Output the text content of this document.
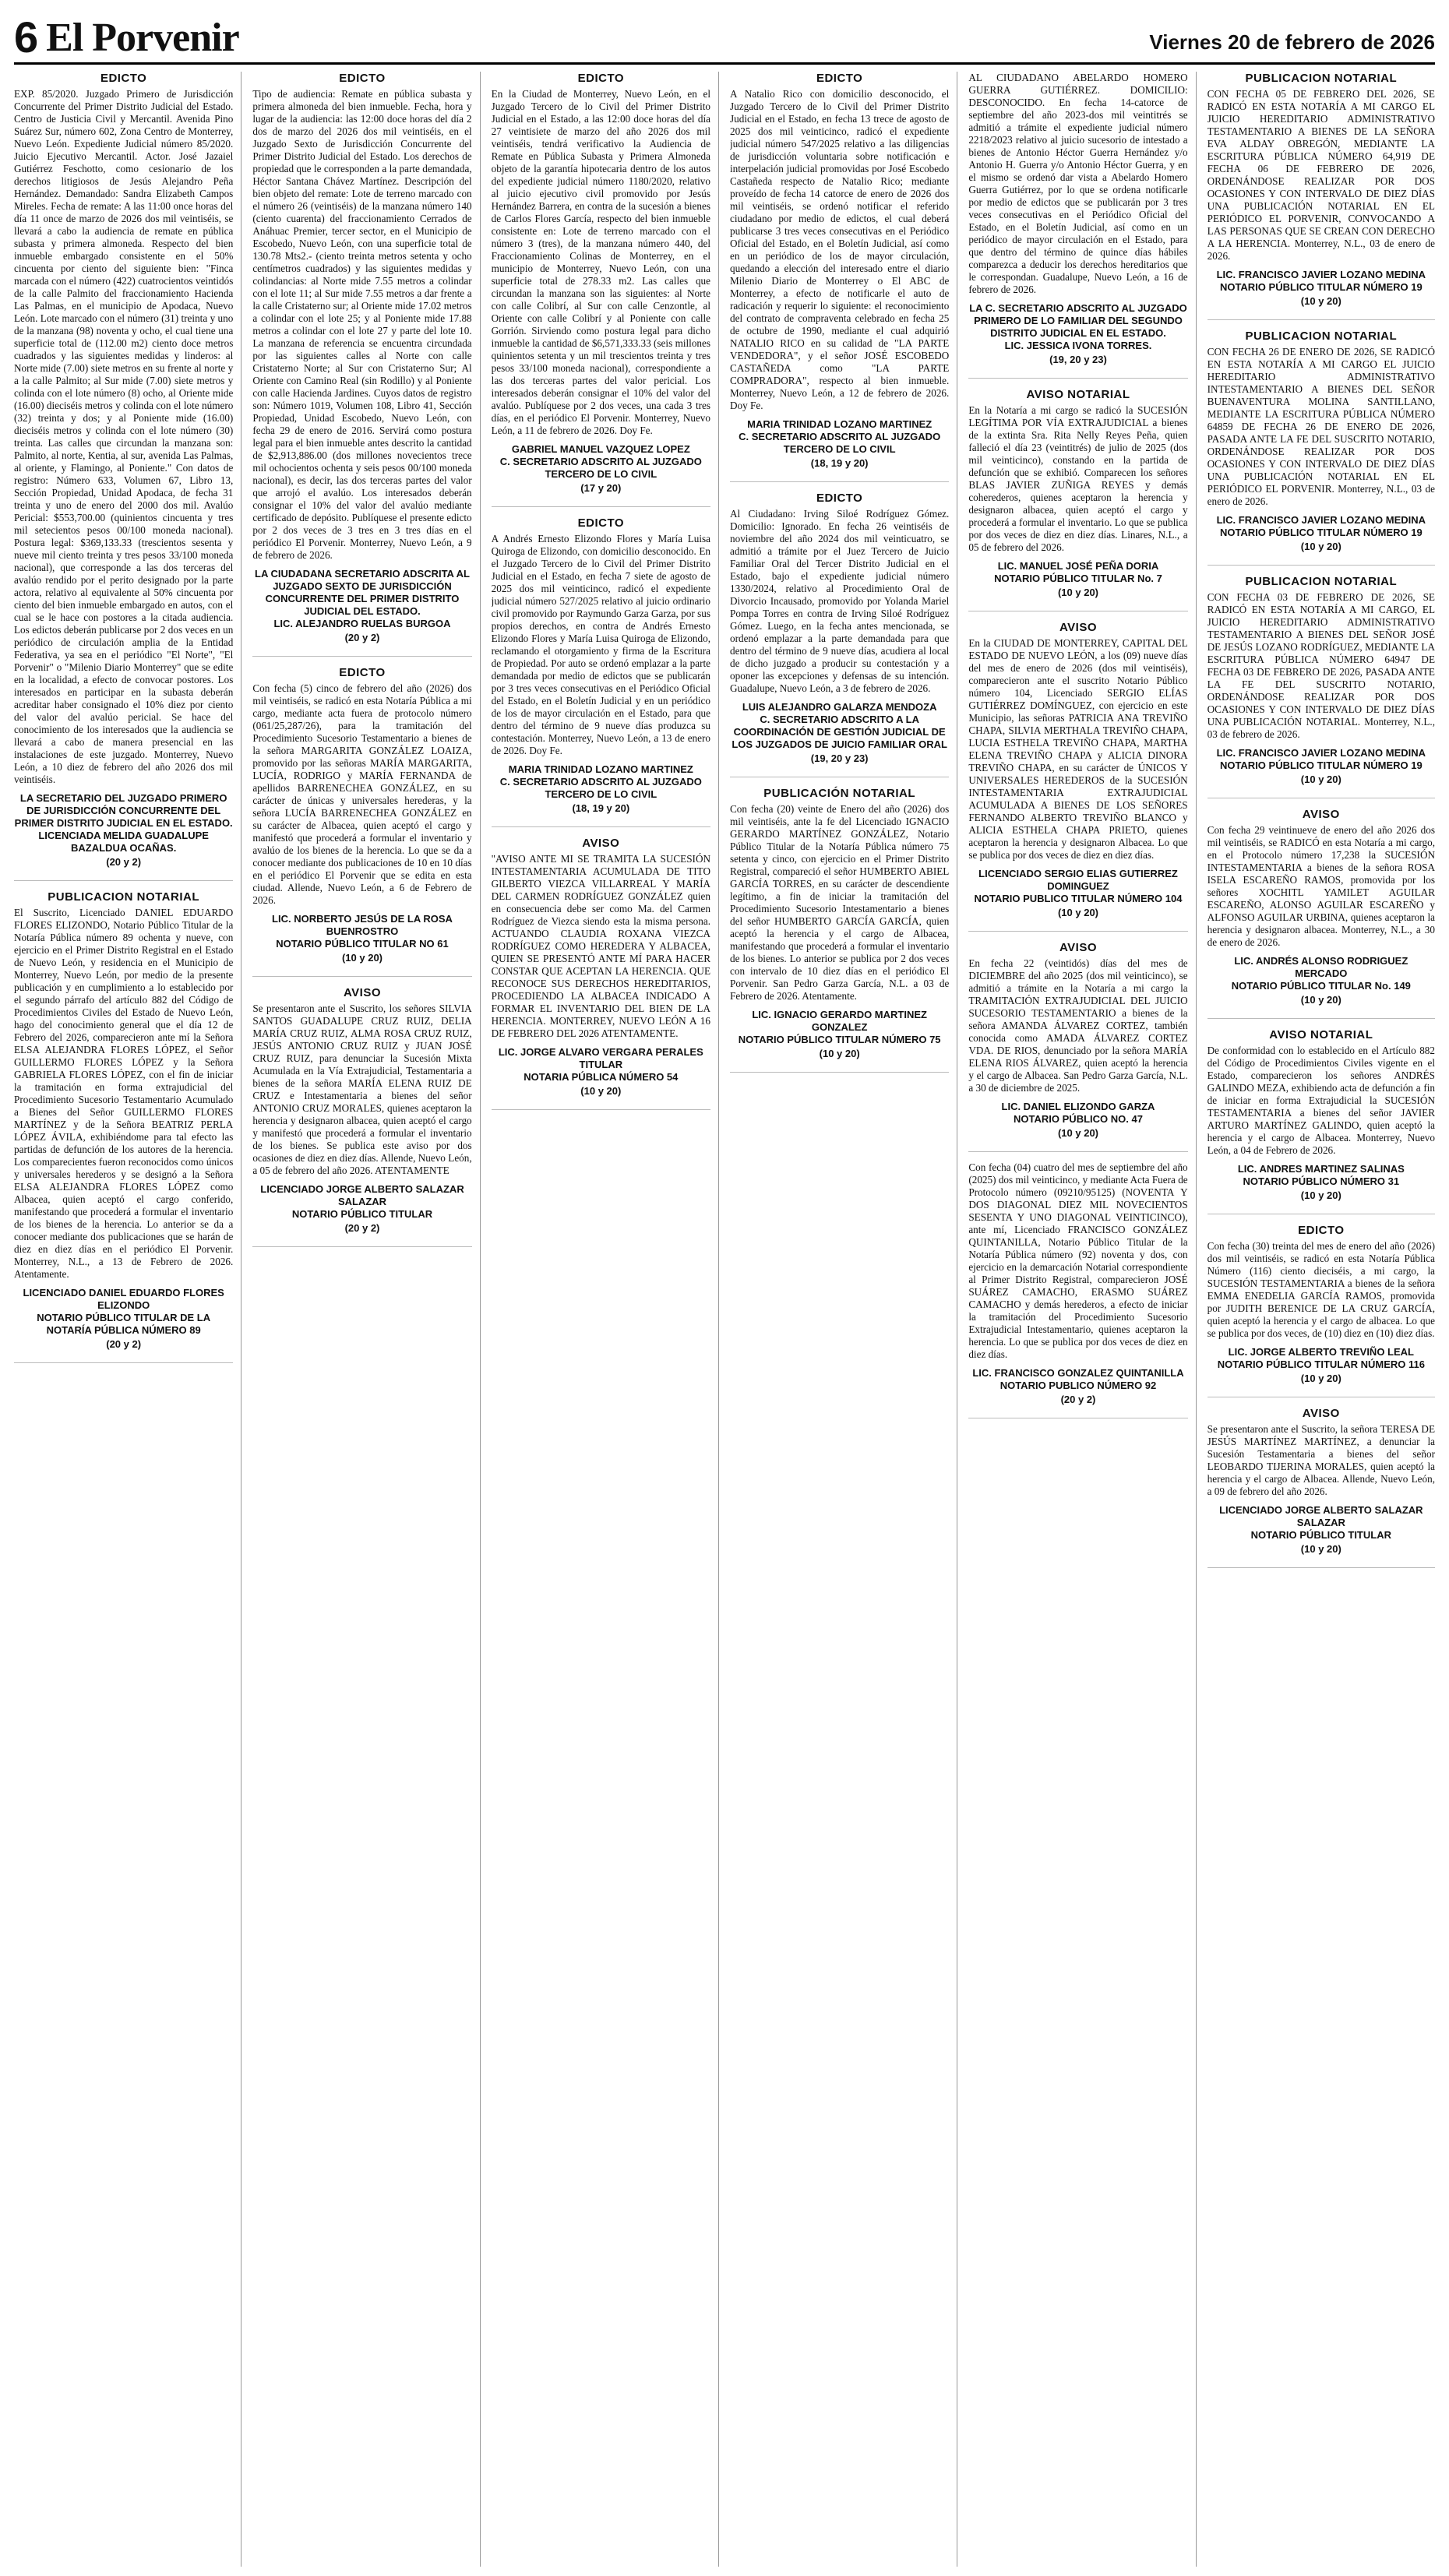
6 El Porvenir	Viernes 20 de febrero de 2026
EDICTO

EXP. 85/2020. Juzgado Primero de Jurisdicción Concurrente del Primer Distrito Judicial del Estado. Centro de Justicia Civil y Mercantil. Avenida Pino Suárez Sur, número 602, Zona Centro de Monterrey, Nuevo León. Expediente Judicial número 85/2020. Juicio Ejecutivo Mercantil. Actor. José Jazaiel Gutiérrez Feschotto, como cesionario de los derechos litigiosos de Jesús Alejandro Peña Hernández. Demandado: Sandra Elizabeth Campos Mireles. Fecha de remate: A las 11:00 once horas del día 11 once de marzo de 2026 dos mil veintiséis, se llevará a cabo la audiencia de remate en pública subasta y primera almoneda. Respecto del bien inmueble embargado consistente en el 50% cincuenta por ciento del siguiente bien: "Finca marcada con el número (422) cuatrocientos veintidós de la calle Palmito del fraccionamiento Hacienda Las Palmas, en el municipio de Apodaca, Nuevo León. Lote marcado con el número (31) treinta y uno de la manzana (98) noventa y ocho, el cual tiene una superficie total de (112.00 m2) ciento doce metros cuadrados y las siguientes medidas y linderos: al Norte mide (7.00) siete metros en su frente al norte y a la calle Palmito; al Sur mide (7.00) siete metros y colinda con el lote número (8) ocho, al Oriente mide (16.00) dieciséis metros y colinda con el lote número (32) treinta y dos; y al Poniente mide (16.00) dieciséis metros y colinda con el lote número (30) treinta. Las calles que circundan la manzana son: Palmito, al norte, Kentia, al sur, avenida Las Palmas, al oriente, y Flamingo, al Poniente." Con datos de registro: Número 633, Volumen 67, Libro 13, Sección Propiedad, Unidad Apodaca, de fecha 31 treinta y uno de enero del 2000 dos mil. Avalúo Pericial: $553,700.00 (quinientos cincuenta y tres mil setecientos pesos 00/100 moneda nacional). Postura legal: $369,133.33 (trescientos sesenta y nueve mil ciento treinta y tres pesos 33/100 moneda nacional), que corresponde a las dos terceras del avalúo rendido por el perito designado por la parte actora, relativo al equivalente al 50% cincuenta por ciento del bien inmueble embargado en autos, con el cual se le hace con postores a la citada audiencia. Los edictos deberán publicarse por 2 dos veces en un periódico de circulación amplia de la Entidad Federativa, ya sea en el periódico "El Norte", "El Porvenir" o "Milenio Diario Monterrey" que se edite en la localidad, a efecto de convocar postores. Los interesados en participar en la subasta deberán acreditar haber consignado el 10% diez por ciento del valor del avalúo pericial. Se hace del conocimiento de los interesados que la audiencia se llevará a cabo de manera presencial en las instalaciones de este juzgado. Monterrey, Nuevo León, a 10 diez de febrero del año 2026 dos mil veintiséis.

LA SECRETARIO DEL JUZGADO PRIMERO DE JURISDICCIÓN CONCURRENTE DEL PRIMER DISTRITO JUDICIAL EN EL ESTADO.
LICENCIADA MELIDA GUADALUPE BAZALDUA OCAÑAS.
(20 y 2)
PUBLICACION NOTARIAL

El Suscrito, Licenciado DANIEL EDUARDO FLORES ELIZONDO, Notario Público Titular de la Notaría Pública número 89 ochenta y nueve, con ejercicio en el Primer Distrito Registral en el Estado de Nuevo León, y residencia en el Municipio de Monterrey, Nuevo León, por medio de la presente publicación y en cumplimiento a lo establecido por el segundo párrafo del artículo 882 del Código de Procedimientos Civiles del Estado de Nuevo León, hago del conocimiento general que el día 12 de Febrero del 2026, comparecieron ante mí la Señora ELSA ALEJANDRA FLORES LÓPEZ, el Señor GUILLERMO FLORES LÓPEZ y la Señora GABRIELA FLORES LÓPEZ, con el fin de iniciar la tramitación en forma extrajudicial del Procedimiento Sucesorio Testamentario Acumulado a Bienes del Señor GUILLERMO FLORES MARTÍNEZ y de la Señora BEATRIZ PERLA LÓPEZ ÁVILA, exhibiéndome para tal efecto las partidas de defunción de los autores de la herencia. Los comparecientes fueron reconocidos como únicos y universales herederos y se designó a la Señora ELSA ALEJANDRA FLORES LÓPEZ como Albacea, quien aceptó el cargo conferido, manifestando que procederá a formular el inventario de los bienes de la herencia. Lo anterior se da a conocer mediante dos publicaciones que se harán de diez en diez días en el periódico El Porvenir. Monterrey, N.L., a 13 de Febrero de 2026. Atentamente.

LICENCIADO DANIEL EDUARDO FLORES ELIZONDO
NOTARIO PÚBLICO TITULAR DE LA NOTARÍA PÚBLICA NÚMERO 89
(20 y 2)
EDICTO

Tipo de audiencia: Remate en pública subasta y primera almoneda del bien inmueble. Fecha, hora y lugar de la audiencia: las 12:00 doce horas del día 2 dos de marzo del 2026 dos mil veintiséis, en el Juzgado Sexto de Jurisdicción Concurrente del Primer Distrito Judicial del Estado. Los derechos de propiedad que le corresponden a la parte demandada, Héctor Santana Chávez Martínez. Descripción del bien objeto del remate: Lote de terreno marcado con el número 26 (veintiséis) de la manzana número 140 (ciento cuarenta) del fraccionamiento Cerrados de Anáhuac Premier, tercer sector, en el Municipio de Escobedo, Nuevo León, con una superficie total de 130.78 Mts2.- (ciento treinta metros setenta y ocho centímetros cuadrados) y las siguientes medidas y colindancias: al Norte mide 7.55 metros a colindar con el lote 11; al Sur mide 7.55 metros a dar frente a la calle Cristaterno sur; al Oriente mide 17.02 metros a colindar con el lote 25; y al Poniente mide 17.88 metros a colindar con el lote 27 y parte del lote 10. La manzana de referencia se encuentra circundada por las siguientes calles al Norte con calle Cristaterno Norte; al Sur con Cristaterno Sur; Al Oriente con Camino Real (sin Rodillo) y al Poniente con calle Hacienda Jardines. Cuyos datos de registro son: Número 1019, Volumen 108, Libro 41, Sección Propiedad, Unidad Escobedo, Nuevo León, con fecha 29 de enero de 2016. Servirá como postura legal para el bien inmueble antes descrito la cantidad de $2,913,886.00 (dos millones novecientos trece mil ochocientos ochenta y seis pesos 00/100 moneda nacional), es decir, las dos terceras partes del valor que arrojó el avalúo. Los interesados deberán consignar el 10% del valor del avalúo mediante certificado de depósito. Publíquese el presente edicto por 2 dos veces de 3 tres en 3 tres días en el periódico El Porvenir. Monterrey, Nuevo León, a 9 de febrero de 2026.

LA CIUDADANA SECRETARIO ADSCRITA AL JUZGADO SEXTO DE JURISDICCIÓN CONCURRENTE DEL PRIMER DISTRITO JUDICIAL DEL ESTADO.
LIC. ALEJANDRO RUELAS BURGOA
(20 y 2)
EDICTO

Con fecha (5) cinco de febrero del año (2026) dos mil veintiséis, se radicó en esta Notaría Pública a mi cargo, mediante acta fuera de protocolo número (061/25,287/26), para la tramitación del Procedimiento Sucesorio Testamentario a bienes de la señora MARGARITA GONZÁLEZ LOAIZA, promovido por las señoras MARÍA MARGARITA, LUCÍA, RODRIGO y MARÍA FERNANDA de apellidos BARRENECHEA GONZÁLEZ, en su carácter de únicas y universales herederas, y la señora LUCÍA BARRENECHEA GONZÁLEZ en su carácter de Albacea, quien aceptó el cargo y manifestó que procederá a formular el inventario y avalúo de los bienes de la herencia. Lo que se da a conocer mediante dos publicaciones de 10 en 10 días en el periódico El Porvenir que se edita en esta ciudad. Allende, Nuevo León, a 6 de Febrero de 2026.

LIC. NORBERTO JESÚS DE LA ROSA BUENROSTRO
NOTARIO PÚBLICO TITULAR NO 61
(10 y 20)
AVISO

Se presentaron ante el Suscrito, los señores SILVIA SANTOS GUADALUPE CRUZ RUIZ, DELIA MARÍA CRUZ RUIZ, ALMA ROSA CRUZ RUIZ, JESÚS ANTONIO CRUZ RUIZ y JUAN JOSÉ CRUZ RUIZ, para denunciar la Sucesión Mixta Acumulada en la Vía Extrajudicial, Testamentaria a bienes de la señora MARÍA ELENA RUIZ DE CRUZ e Intestamentaria a bienes del señor ANTONIO CRUZ MORALES, quienes aceptaron la herencia y designaron albacea, quien aceptó el cargo y manifestó que procederá a formular el inventario de los bienes. Se publica este aviso por dos ocasiones de diez en diez días. Allende, Nuevo León, a 05 de febrero del año 2026. ATENTAMENTE

LICENCIADO JORGE ALBERTO SALAZAR SALAZAR
NOTARIO PÚBLICO TITULAR
(20 y 2)
EDICTO

En la Ciudad de Monterrey, Nuevo León, en el Juzgado Tercero de lo Civil del Primer Distrito Judicial en el Estado, a las 12:00 doce horas del día 27 veintisiete de marzo del año 2026 dos mil veintiséis, tendrá verificativo la Audiencia de Remate en Pública Subasta y Primera Almoneda objeto de la garantía hipotecaria dentro de los autos del expediente judicial número 1180/2020, relativo al juicio ejecutivo civil promovido por Jesús Hernández Barrera, en contra de la sucesión a bienes de Carlos Flores García, respecto del bien inmueble consistente en: Lote de terreno marcado con el número 3 (tres), de la manzana número 440, del Fraccionamiento Colinas de Monterrey, en el municipio de Monterrey, Nuevo León, con una superficie total de 278.33 m2. Las calles que circundan la manzana son las siguientes: al Norte con calle Colibrí, al Sur con calle Cenzontle, al Oriente con calle Colibrí y al Poniente con calle Gorrión. Sirviendo como postura legal para dicho inmueble la cantidad de $6,571,333.33 (seis millones quinientos setenta y un mil trescientos treinta y tres pesos 33/100 moneda nacional), correspondiente a las dos terceras partes del valor pericial. Los interesados deberán consignar el 10% del valor del avalúo. Publíquese por 2 dos veces, una cada 3 tres días, en el periódico El Porvenir. Monterrey, Nuevo León, a 11 de febrero de 2026. Doy Fe.

GABRIEL MANUEL VAZQUEZ LOPEZ
C. SECRETARIO ADSCRITO AL JUZGADO TERCERO DE LO CIVIL
(17 y 20)
EDICTO

A Andrés Ernesto Elizondo Flores y María Luisa Quiroga de Elizondo, con domicilio desconocido. En el Juzgado Tercero de lo Civil del Primer Distrito Judicial en el Estado, en fecha 7 siete de agosto de 2025 dos mil veinticinco, radicó el expediente judicial número 527/2025 relativo al juicio ordinario civil promovido por Raymundo Garza Garza, por sus propios derechos, en contra de Andrés Ernesto Elizondo Flores y María Luisa Quiroga de Elizondo, reclamando el otorgamiento y firma de la Escritura de Propiedad. Por auto se ordenó emplazar a la parte demandada por medio de edictos que se publicarán por 3 tres veces consecutivas en el Periódico Oficial del Estado, en el Boletín Judicial y en un periódico de los de mayor circulación en el Estado, para que dentro del término de 9 nueve días produzca su contestación. Monterrey, Nuevo León, a 13 de enero de 2026. Doy Fe.

MARIA TRINIDAD LOZANO MARTINEZ
C. SECRETARIO ADSCRITO AL JUZGADO TERCERO DE LO CIVIL
(18, 19 y 20)
AVISO

"AVISO ANTE MI SE TRAMITA LA SUCESIÓN INTESTAMENTARIA ACUMULADA DE TITO GILBERTO VIEZCA VILLARREAL Y MARÍA DEL CARMEN RODRÍGUEZ GONZÁLEZ quien en consecuencia debe ser como Ma. del Carmen Rodríguez de Viezca siendo esta la misma persona. ACTUANDO CLAUDIA ROXANA VIEZCA RODRÍGUEZ COMO HEREDERA Y ALBACEA, QUIEN SE PRESENTÓ ANTE MÍ PARA HACER CONSTAR QUE ACEPTAN LA HERENCIA. QUE RECONOCE SUS DERECHOS HEREDITARIOS, PROCEDIENDO LA ALBACEA INDICADO A FORMAR EL INVENTARIO DEL BIEN DE LA HERENCIA. MONTERREY, NUEVO LEÓN A 16 DE FEBRERO DEL 2026 ATENTAMENTE.

LIC. JORGE ALVARO VERGARA PERALES TITULAR
NOTARIA PÚBLICA NÚMERO 54
(10 y 20)
EDICTO

A Natalio Rico con domicilio desconocido, el Juzgado Tercero de lo Civil del Primer Distrito Judicial en el Estado, en fecha 13 trece de agosto de 2025 dos mil veinticinco, radicó el expediente judicial número 547/2025 relativo a las diligencias de jurisdicción voluntaria sobre notificación e interpelación judicial promovidas por José Escobedo Castañeda respecto de Natalio Rico; mediante proveído de fecha 14 catorce de enero de 2026 dos mil veintiséis, se ordenó notificar el referido ciudadano por medio de edictos, el cual deberá publicarse 3 tres veces consecutivas en el Periódico Oficial del Estado, en el Boletín Judicial, así como en un periódico de los de mayor circulación, quedando a elección del interesado entre el diario Milenio Diario de Monterrey o El ABC de Monterrey, a efecto de notificarle el auto de radicación y requerir lo siguiente: el reconocimiento del contrato de compraventa celebrado en fecha 25 de octubre de 1990, mediante el cual adquirió NATALIO RICO en su calidad de "LA PARTE VENDEDORA", y el señor JOSÉ ESCOBEDO CASTAÑEDA como "LA PARTE COMPRADORA", respecto al bien inmueble. Monterrey, Nuevo León, a 12 de febrero de 2026. Doy Fe.

MARIA TRINIDAD LOZANO MARTINEZ
C. SECRETARIO ADSCRITO AL JUZGADO TERCERO DE LO CIVIL
(18, 19 y 20)
EDICTO

Al Ciudadano: Irving Siloé Rodríguez Gómez. Domicilio: Ignorado. En fecha 26 veintiséis de noviembre del año 2024 dos mil veinticuatro, se admitió a trámite por el Juez Tercero de Juicio Familiar Oral del Tercer Distrito Judicial en el Estado, bajo el expediente judicial número 1330/2024, relativo al Procedimiento Oral de Divorcio Incausado, promovido por Yolanda Mariel Pompa Torres en contra de Irving Siloé Rodríguez Gómez. Luego, en la fecha antes mencionada, se ordenó emplazar a la parte demandada para que dentro del término de 9 nueve días, acudiera al local de dicho juzgado a producir su contestación y a oponer las excepciones y defensas de su intención. Guadalupe, Nuevo León, a 3 de febrero de 2026.

LUIS ALEJANDRO GALARZA MENDOZA
C. SECRETARIO ADSCRITO A LA COORDINACIÓN DE GESTIÓN JUDICIAL DE LOS JUZGADOS DE JUICIO FAMILIAR ORAL
(19, 20 y 23)
PUBLICACIÓN NOTARIAL

Con fecha (20) veinte de Enero del año (2026) dos mil veintiséis, ante la fe del Licenciado IGNACIO GERARDO MARTÍNEZ GONZÁLEZ, Notario Público Titular de la Notaría Pública número 75 setenta y cinco, con ejercicio en el Primer Distrito Registral, compareció el señor HUMBERTO ABIEL GARCÍA TORRES, en su carácter de descendiente legítimo, a fin de iniciar la tramitación del Procedimiento Sucesorio Intestamentario a bienes del señor HUMBERTO GARCÍA GARCÍA, quien aceptó la herencia y el cargo de Albacea, manifestando que procederá a formular el inventario de los bienes. Lo anterior se publica por 2 dos veces con intervalo de 10 diez días en el periódico El Porvenir. San Pedro Garza García, N.L. a 03 de Febrero de 2026. Atentamente.

LIC. IGNACIO GERARDO MARTINEZ GONZALEZ
NOTARIO PÚBLICO TITULAR NÚMERO 75
(10 y 20)

AL CIUDADANO ABELARDO HOMERO GUERRA GUTIÉRREZ. DOMICILIO: DESCONOCIDO. En fecha 14-catorce de septiembre del año 2023-dos mil veintitrés se admitió a trámite el expediente judicial número 2218/2023 relativo al juicio sucesorio de intestado a bienes de Antonio Héctor Guerra Hernández y/o Antonio H. Guerra y/o Antonio Héctor Guerra, y en el mismo se ordenó dar vista a Abelardo Homero Guerra Gutiérrez, por lo que se ordena notificarle por medio de edictos que se publicarán por 3 tres veces consecutivas en el Periódico Oficial del Estado, en el Boletín Judicial, así como en un periódico de mayor circulación en el Estado, para que dentro del término de quince días hábiles comparezca a deducir los derechos hereditarios que le correspondan. Guadalupe, Nuevo León, a 16 de febrero de 2026.

LA C. SECRETARIO ADSCRITO AL JUZGADO PRIMERO DE LO FAMILIAR DEL SEGUNDO DISTRITO JUDICIAL EN EL ESTADO.
LIC. JESSICA IVONA TORRES.
(19, 20 y 23)
AVISO NOTARIAL

En la Notaría a mi cargo se radicó la SUCESIÓN LEGÍTIMA POR VÍA EXTRAJUDICIAL a bienes de la extinta Sra. Rita Nelly Reyes Peña, quien falleció el día 23 (veintitrés) de julio de 2025 (dos mil veinticinco), constando en la partida de defunción que se exhibió. Comparecen los señores BLAS JAVIER ZUÑIGA REYES y demás coherederos, quienes aceptaron la herencia y designaron albacea, quien aceptó el cargo y procederá a formular el inventario. Lo que se publica por dos veces de diez en diez días. Linares, N.L., a 05 de febrero del 2026.

LIC. MANUEL JOSÉ PEÑA DORIA
NOTARIO PÚBLICO TITULAR No. 7
(10 y 20)
AVISO

En la CIUDAD DE MONTERREY, CAPITAL DEL ESTADO DE NUEVO LEÓN, a los (09) nueve días del mes de enero de 2026 (dos mil veintiséis), comparecieron ante el suscrito Notario Público número 104, Licenciado SERGIO ELÍAS GUTIÉRREZ DOMÍNGUEZ, con ejercicio en este Municipio, las señoras PATRICIA ANA TREVIÑO CHAPA, SILVIA MERTHALA TREVIÑO CHAPA, LUCIA ESTHELA TREVIÑO CHAPA, MARTHA ELENA TREVIÑO CHAPA y ALICIA DINORA TREVIÑO CHAPA, en su carácter de ÚNICOS Y UNIVERSALES HEREDEROS de la SUCESIÓN INTESTAMENTARIA EXTRAJUDICIAL ACUMULADA A BIENES DE LOS SEÑORES FERNANDO ALBERTO TREVIÑO BLANCO y ALICIA ESTHELA CHAPA PRIETO, quienes aceptaron la herencia y designaron Albacea. Lo que se publica por dos veces de diez en diez días.

LICENCIADO SERGIO ELIAS GUTIERREZ DOMINGUEZ
NOTARIO PUBLICO TITULAR NÚMERO 104
(10 y 20)
AVISO

En fecha 22 (veintidós) días del mes de DICIEMBRE del año 2025 (dos mil veinticinco), se admitió a trámite en la Notaría a mi cargo la TRAMITACIÓN EXTRAJUDICIAL DEL JUICIO SUCESORIO TESTAMENTARIO a bienes de la señora AMANDA ÁLVAREZ CORTEZ, también conocida como AMADA ÁLVAREZ CORTEZ VDA. DE RIOS, denunciado por la señora MARÍA ELENA RIOS ÁLVAREZ, quien aceptó la herencia y el cargo de Albacea. San Pedro Garza García, N.L. a 30 de diciembre de 2025.

LIC. DANIEL ELIZONDO GARZA
NOTARIO PÚBLICO NO. 47
(10 y 20)

Con fecha (04) cuatro del mes de septiembre del año (2025) dos mil veinticinco, y mediante Acta Fuera de Protocolo número (09210/95125) (NOVENTA Y DOS DIAGONAL DIEZ MIL NOVECIENTOS SESENTA Y UNO DIAGONAL VEINTICINCO), ante mí, Licenciado FRANCISCO GONZÁLEZ QUINTANILLA, Notario Público Titular de la Notaría Pública número (92) noventa y dos, con ejercicio en la demarcación Notarial correspondiente al Primer Distrito Registral, comparecieron JOSÉ SUÁREZ CAMACHO, ERASMO SUÁREZ CAMACHO y demás herederos, a efecto de iniciar la tramitación del Procedimiento Sucesorio Extrajudicial Intestamentario, quienes aceptaron la herencia. Lo que se publica por dos veces de diez en diez días.

LIC. FRANCISCO GONZALEZ QUINTANILLA
NOTARIO PUBLICO NÚMERO 92
(20 y 2)
PUBLICACION NOTARIAL

CON FECHA 05 DE FEBRERO DEL 2026, SE RADICÓ EN ESTA NOTARÍA A MI CARGO EL JUICIO HEREDITARIO ADMINISTRATIVO TESTAMENTARIO A BIENES DE LA SEÑORA EVA ALDAY OBREGÓN, MEDIANTE LA ESCRITURA PÚBLICA NÚMERO 64,919 DE FECHA 06 DE FEBRERO DE 2026, ORDENÁNDOSE REALIZAR POR DOS OCASIONES Y CON INTERVALO DE DIEZ DÍAS UNA PUBLICACIÓN NOTARIAL EN EL PERIÓDICO EL PORVENIR, CONVOCANDO A LAS PERSONAS QUE SE CREAN CON DERECHO A LA HERENCIA. Monterrey, N.L., 03 de enero de 2026.

LIC. FRANCISCO JAVIER LOZANO MEDINA
NOTARIO PÚBLICO TITULAR NÚMERO 19
(10 y 20)
PUBLICACION NOTARIAL

CON FECHA 26 DE ENERO DE 2026, SE RADICÓ EN ESTA NOTARÍA A MI CARGO EL JUICIO HEREDITARIO ADMINISTRATIVO INTESTAMENTARIO A BIENES DEL SEÑOR BUENAVENTURA MOLINA SANTILLANO, MEDIANTE LA ESCRITURA PÚBLICA NÚMERO 64859 DE FECHA 26 DE ENERO DE 2026, PASADA ANTE LA FE DEL SUSCRITO NOTARIO, ORDENÁNDOSE REALIZAR POR DOS OCASIONES Y CON INTERVALO DE DIEZ DÍAS UNA PUBLICACIÓN NOTARIAL EN EL PERIÓDICO EL PORVENIR. Monterrey, N.L., 03 de enero de 2026.

LIC. FRANCISCO JAVIER LOZANO MEDINA
NOTARIO PÚBLICO TITULAR NÚMERO 19
(10 y 20)
PUBLICACION NOTARIAL

CON FECHA 03 DE FEBRERO DE 2026, SE RADICÓ EN ESTA NOTARÍA A MI CARGO, EL JUICIO HEREDITARIO ADMINISTRATIVO TESTAMENTARIO A BIENES DEL SEÑOR JOSÉ DE JESÚS LOZANO RODRÍGUEZ, MEDIANTE LA ESCRITURA PÚBLICA NÚMERO 64947 DE FECHA 03 DE FEBRERO DE 2026, PASADA ANTE LA FE DEL SUSCRITO NOTARIO, ORDENÁNDOSE REALIZAR POR DOS OCASIONES Y CON INTERVALO DE DIEZ DÍAS UNA PUBLICACIÓN NOTARIAL. Monterrey, N.L., 03 de febrero de 2026.

LIC. FRANCISCO JAVIER LOZANO MEDINA
NOTARIO PÚBLICO TITULAR NÚMERO 19
(10 y 20)
AVISO

Con fecha 29 veintinueve de enero del año 2026 dos mil veintiséis, se RADICÓ en esta Notaría a mi cargo, en el Protocolo número 17,238 la SUCESIÓN INTESTAMENTARIA a bienes de la señora ROSA ISELA ESCAREÑO RAMOS, promovida por los señores XOCHITL YAMILET AGUILAR ESCAREÑO, ALONSO AGUILAR ESCAREÑO y ALFONSO AGUILAR URBINA, quienes aceptaron la herencia y designaron albacea. Monterrey, N.L., a 30 de enero de 2026.

LIC. ANDRÉS ALONSO RODRIGUEZ MERCADO
NOTARIO PÚBLICO TITULAR No. 149
(10 y 20)
AVISO NOTARIAL

De conformidad con lo establecido en el Artículo 882 del Código de Procedimientos Civiles vigente en el Estado, comparecieron los señores ANDRÉS GALINDO MEZA, exhibiendo acta de defunción a fin de iniciar en forma Extrajudicial la SUCESIÓN TESTAMENTARIA a bienes del señor JAVIER ARTURO MARTÍNEZ GALINDO, quien aceptó la herencia y el cargo de Albacea. Monterrey, Nuevo León, a 04 de Febrero de 2026.

LIC. ANDRES MARTINEZ SALINAS
NOTARIO PÚBLICO NÚMERO 31
(10 y 20)
EDICTO

Con fecha (30) treinta del mes de enero del año (2026) dos mil veintiséis, se radicó en esta Notaría Pública Número (116) ciento dieciséis, a mi cargo, la SUCESIÓN TESTAMENTARIA a bienes de la señora EMMA ENEDELIA GARCÍA RAMOS, promovida por JUDITH BERENICE DE LA CRUZ GARCÍA, quien aceptó la herencia y el cargo de albacea. Lo que se publica por dos veces, de (10) diez en (10) diez días.

LIC. JORGE ALBERTO TREVIÑO LEAL
NOTARIO PÚBLICO TITULAR NÚMERO 116
(10 y 20)
AVISO

Se presentaron ante el Suscrito, la señora TERESA DE JESÚS MARTÍNEZ MARTÍNEZ, a denunciar la Sucesión Testamentaria a bienes del señor LEOBARDO TIJERINA MORALES, quien aceptó la herencia y el cargo de Albacea. Allende, Nuevo León, a 09 de febrero del año 2026.

LICENCIADO JORGE ALBERTO SALAZAR SALAZAR
NOTARIO PÚBLICO TITULAR
(10 y 20)
